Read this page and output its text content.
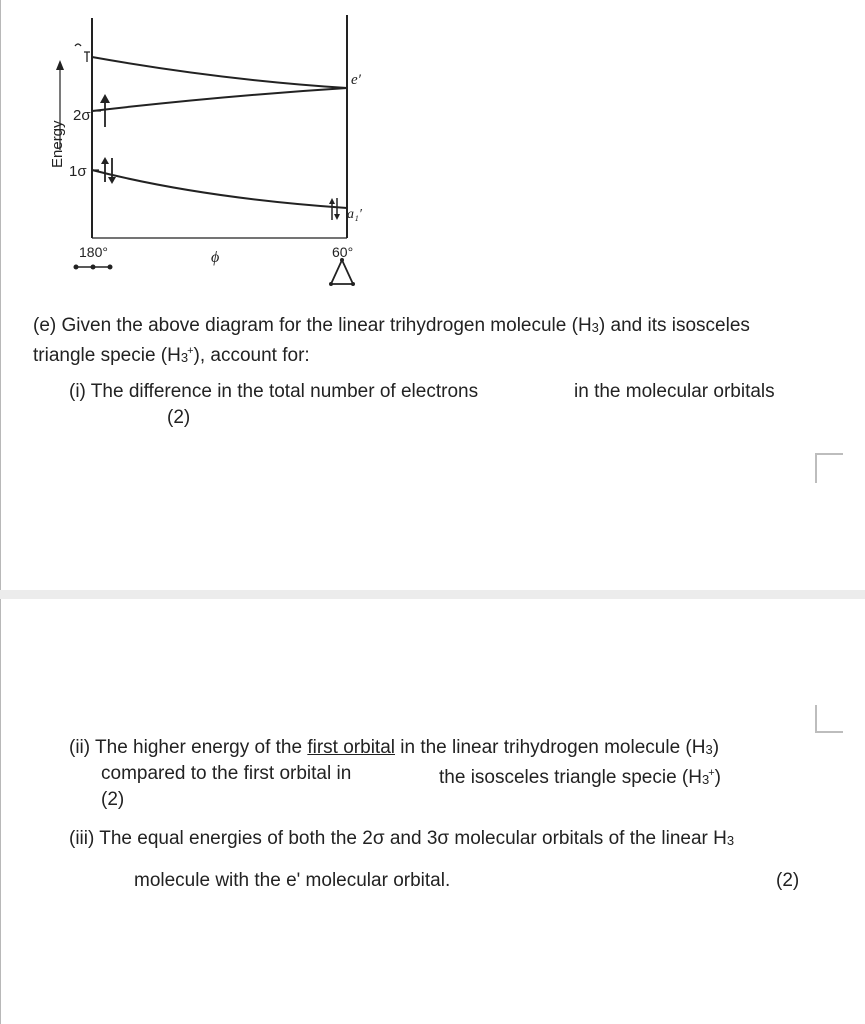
Energy
2σ
1σ
e′
a₁′
180°	ϕ	60°
(e) Given the above diagram for the linear trihydrogen molecule (H3) and its isosceles
triangle specie (H3+), account for:
(i) The difference in the total number of electrons	in the molecular orbitals
(2)
(ii) The higher energy of the first orbital in the linear trihydrogen molecule (H3)
compared to the first orbital in	the isosceles triangle specie (H3+)
(2)
(iii) The equal energies of both the 2σ and 3σ molecular orbitals of the linear H3
molecule with the e' molecular orbital.	(2)
